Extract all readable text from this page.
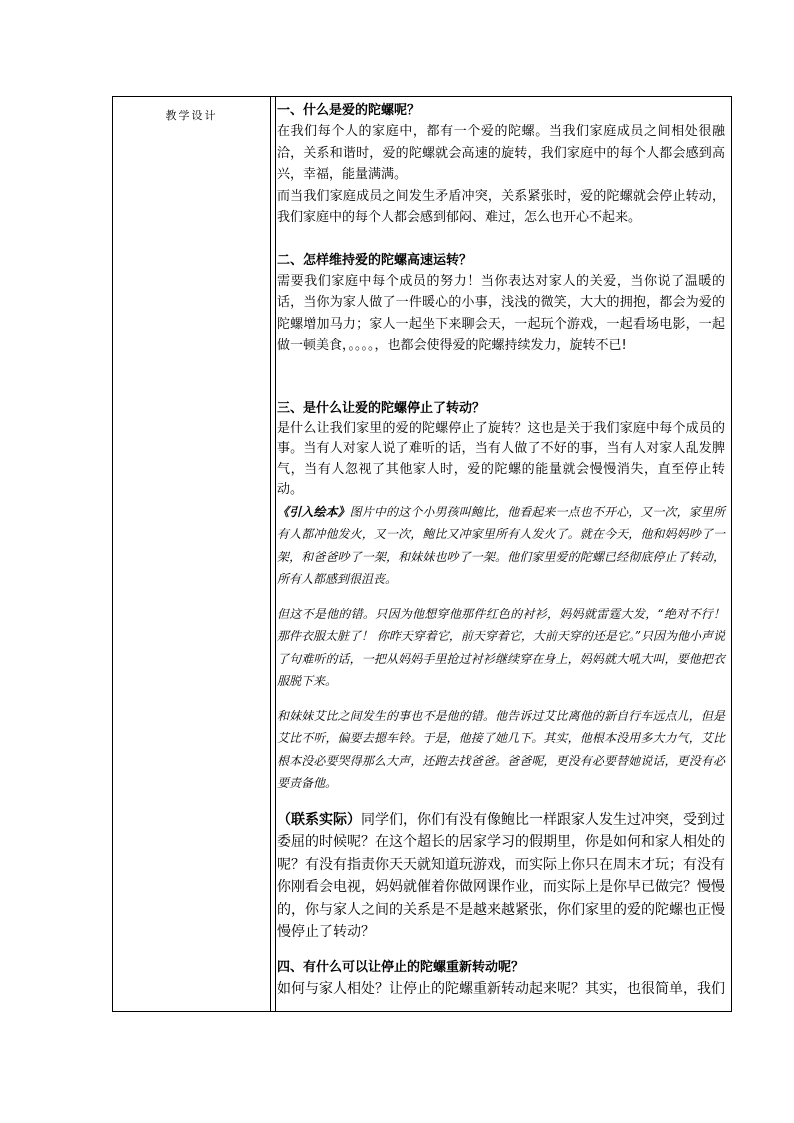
教学设计	一、什么是爱的陀螺呢？

在我们每个人的家庭中，都有一个爱的陀螺。当我们家庭成员之间相处很融洽，关系和谐时，爱的陀螺就会高速的旋转，我们家庭中的每个人都会感到高兴，幸福，能量满满。

而当我们家庭成员之间发生矛盾冲突，关系紧张时，爱的陀螺就会停止转动，我们家庭中的每个人都会感到郁闷、难过，怎么也开心不起来。

二、怎样维持爱的陀螺高速运转？

需要我们家庭中每个成员的努力！当你表达对家人的关爱，当你说了温暖的话，当你为家人做了一件暖心的小事，浅浅的微笑，大大的拥抱，都会为爱的陀螺增加马力；家人一起坐下来聊会天，一起玩个游戏，一起看场电影，一起做一顿美食，。。。。，也都会使得爱的陀螺持续发力，旋转不已!

三、是什么让爱的陀螺停止了转动？

是什么让我们家里的爱的陀螺停止了旋转？这也是关于我们家庭中每个成员的事。当有人对家人说了难听的话，当有人做了不好的事，当有人对家人乱发脾气，当有人忽视了其他家人时，爱的陀螺的能量就会慢慢消失，直至停止转动。

《引入绘本》图片中的这个小男孩叫鲍比，他看起来一点也不开心，又一次，家里所有人都冲他发火，又一次，鲍比又冲家里所有人发火了。就在今天，他和妈妈吵了一架，和爸爸吵了一架，和妹妹也吵了一架。他们家里爱的陀螺已经彻底停止了转动，所有人都感到很沮丧。

但这不是他的错。只因为他想穿他那件红色的衬衫，妈妈就雷霆大发，“绝对不行！那件衣服太脏了！ 你昨天穿着它，前天穿着它，大前天穿的还是它。”只因为他小声说了句难听的话，一把从妈妈手里抢过衬衫继续穿在身上，妈妈就大吼大叫，要他把衣服脱下来。

和妹妹艾比之间发生的事也不是他的错。他告诉过艾比离他的新自行车远点儿，但是艾比不听，偏要去摁车铃。于是，他接了她几下。其实，他根本没用多大力气，艾比根本没必要哭得那么大声，还跑去找爸爸。爸爸呢，更没有必要替她说话，更没有必要责备他。

（联系实际）同学们，你们有没有像鲍比一样跟家人发生过冲突，受到过委屈的时候呢？在这个超长的居家学习的假期里，你是如何和家人相处的呢？有没有指责你天天就知道玩游戏，而实际上你只在周末才玩；有没有你刚看会电视，妈妈就催着你做网课作业，而实际上是你早已做完？慢慢的，你与家人之间的关系是不是越来越紧张，你们家里的爱的陀螺也正慢慢停止了转动？

四、有什么可以让停止的陀螺重新转动呢？

如何与家人相处？让停止的陀螺重新转动起来呢？其实，也很简单，我们
